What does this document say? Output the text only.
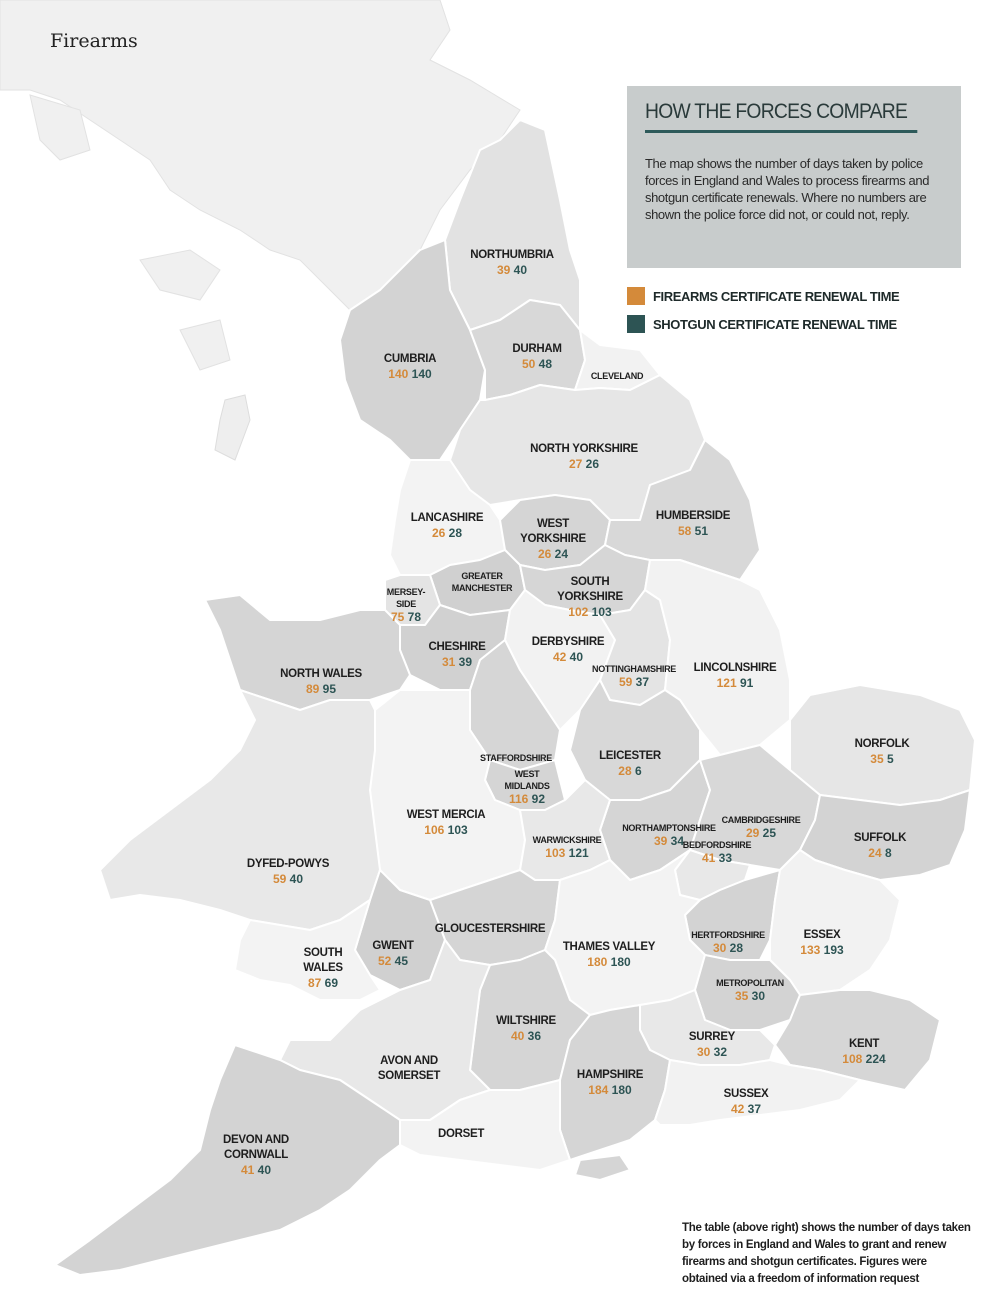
Firearms
HOW THE FORCES COMPARE
The map shows the number of days taken by police forces in England and Wales to process firearms and shotgun certificate renewals. Where no numbers are shown the police force did not, or could not, reply.
FIREARMS CERTIFICATE RENEWAL TIME
SHOTGUN CERTIFICATE RENEWAL TIME
NORTHUMBRIA
39 40
CUMBRIA
140 140
DURHAM
50 48
CLEVELAND
NORTH YORKSHIRE
27 26
LANCASHIRE
26 28
WEST
YORKSHIRE
26 24
HUMBERSIDE
58 51
GREATER
MANCHESTER	SOUTH
YORKSHIRE
102 103
MERSEY-
SIDE
75 78
CHESHIRE
31 39
DERBYSHIRE
42 40
NOTTINGHAMSHIRE
59 37
LINCOLNSHIRE
121 91
NORTH WALES
89 95
STAFFORDSHIRE	LEICESTER
28 6
NORFOLK
35 5
WEST
MIDLANDS
116 92
WEST MERCIA
106 103	NORTHAMPTONSHIRE
39 34
CAMBRIDGESHIRE
29 25
WARWICKSHIRE
103 121
SUFFOLK
24 8
DYFED-POWYS
59 40
BEDFORDSHIRE
41 33
GLOUCESTERSHIRE	HERTFORDSHIRE
30 28
ESSEX
133 193
GWENT
52 45
SOUTH
WALES
87 69
THAMES VALLEY
180 180
METROPOLITAN
35 30
WILTSHIRE
40 36	SURREY
30 32
KENT
108 224
AVON AND
SOMERSET	HAMPSHIRE
184 180	SUSSEX
42 37
DORSET
DEVON AND
CORNWALL
41 40
The table (above right) shows the number of days taken by forces in England and Wales to grant and renew firearms and shotgun certificates. Figures were obtained via a freedom of information request
